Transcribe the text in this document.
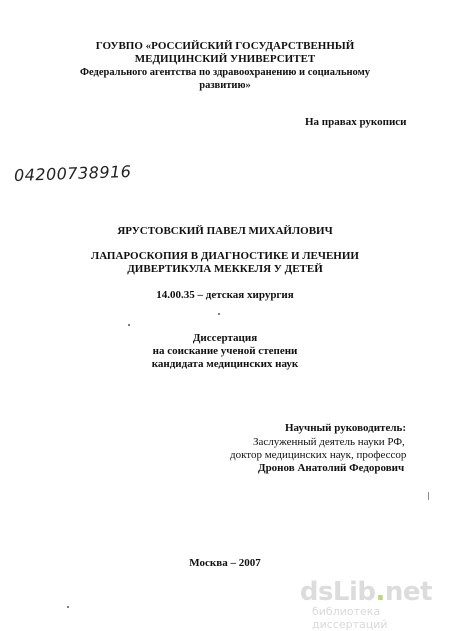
ГОУВПО «РОССИЙСКИЙ ГОСУДАРСТВЕННЫЙ
МЕДИЦИНСКИЙ УНИВЕРСИТЕТ
Федерального агентства по здравоохранению и социальному
развитию»
На правах рукописи
04200738916
ЯРУСТОВСКИЙ ПАВЕЛ МИХАЙЛОВИЧ
ЛАПАРОСКОПИЯ В ДИАГНОСТИКЕ И ЛЕЧЕНИИ
ДИВЕРТИКУЛА МЕККЕЛЯ У ДЕТЕЙ
14.00.35 – детская хирургия
Диссертация
на соискание ученой степени
кандидата медицинских наук
Научный руководитель:
Заслуженный деятель науки РФ,
доктор медицинских наук, профессор
Дронов Анатолий Федорович
Москва – 2007
dsLib.net
библиотека диссертаций
